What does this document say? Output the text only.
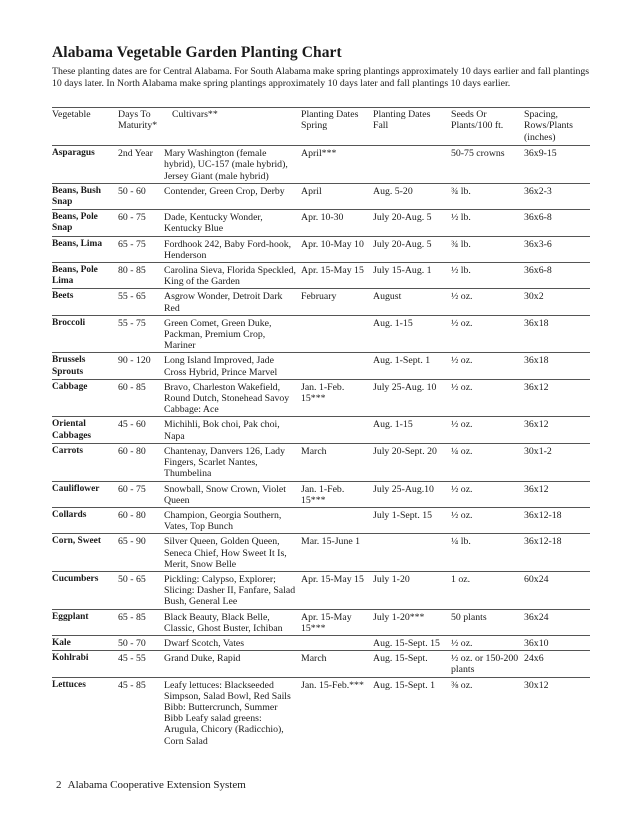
Alabama Vegetable Garden Planting Chart

These planting dates are for Central Alabama. For South Alabama make spring plantings approximately 10 days earlier and fall plantings 10 days later. In North Alabama make spring plantings approximately 10 days later and fall plantings 10 days earlier.

Vegetable	Days To Maturity*	Cultivars**	Planting Dates Spring	Planting Dates Fall	Seeds Or Plants/100 ft.	Spacing, Rows/Plants (inches)
Asparagus	2nd Year	Mary Washington (female hybrid), UC-157 (male hybrid), Jersey Giant (male hybrid)	April***		50-75 crowns	36x9-15
Beans, Bush Snap	50 - 60	Contender, Green Crop, Derby	April	Aug. 5-20	¾ lb.	36x2-3
Beans, Pole Snap	60 - 75	Dade, Kentucky Wonder, Kentucky Blue	Apr. 10-30	July 20-Aug. 5	½ lb.	36x6-8
Beans, Lima	65 - 75	Fordhook 242, Baby Ford-hook, Henderson	Apr. 10-May 10	July 20-Aug. 5	¾ lb.	36x3-6
Beans, Pole Lima	80 - 85	Carolina Sieva, Florida Speckled, King of the Garden	Apr. 15-May 15	July 15-Aug. 1	½ lb.	36x6-8
Beets	55 - 65	Asgrow Wonder, Detroit Dark Red	February	August	½ oz.	30x2
Broccoli	55 - 75	Green Comet, Green Duke, Packman, Premium Crop, Mariner		Aug. 1-15	½ oz.	36x18
Brussels Sprouts	90 - 120	Long Island Improved, Jade Cross Hybrid, Prince Marvel		Aug. 1-Sept. 1	½ oz.	36x18
Cabbage	60 - 85	Bravo, Charleston Wakefield, Round Dutch, Stonehead Savoy Cabbage: Ace	Jan. 1-Feb. 15***	July 25-Aug. 10	½ oz.	36x12
Oriental Cabbages	45 - 60	Michihli, Bok choi, Pak choi, Napa		Aug. 1-15	½ oz.	36x12
Carrots	60 - 80	Chantenay, Danvers 126, Lady Fingers, Scarlet Nantes, Thumbelina	March	July 20-Sept. 20	¼ oz.	30x1-2
Cauliflower	60 - 75	Snowball, Snow Crown, Violet Queen	Jan. 1-Feb. 15***	July 25-Aug.10	½ oz.	36x12
Collards	60 - 80	Champion, Georgia Southern, Vates, Top Bunch		July 1-Sept. 15	½ oz.	36x12-18
Corn, Sweet	65 - 90	Silver Queen, Golden Queen, Seneca Chief, How Sweet It Is, Merit, Snow Belle	Mar. 15-June 1		¼ lb.	36x12-18
Cucumbers	50 - 65	Pickling: Calypso, Explorer; Slicing: Dasher II, Fanfare, Salad Bush, General Lee	Apr. 15-May 15	July 1-20	1 oz.	60x24
Eggplant	65 - 85	Black Beauty, Black Belle, Classic, Ghost Buster, Ichiban	Apr. 15-May 15***	July 1-20***	50 plants	36x24
Kale	50 - 70	Dwarf Scotch, Vates		Aug. 15-Sept. 15	½ oz.	36x10
Kohlrabi	45 - 55	Grand Duke, Rapid	March	Aug. 15-Sept.	½ oz. or 150-200 plants	24x6
Lettuces	45 - 85	Leafy lettuces: Blackseeded Simpson, Salad Bowl, Red Sails Bibb: Buttercrunch, Summer Bibb Leafy salad greens: Arugula, Chicory (Radicchio), Corn Salad	Jan. 15-Feb.***	Aug. 15-Sept. 1	⅜ oz.	30x12

2 Alabama Cooperative Extension System
